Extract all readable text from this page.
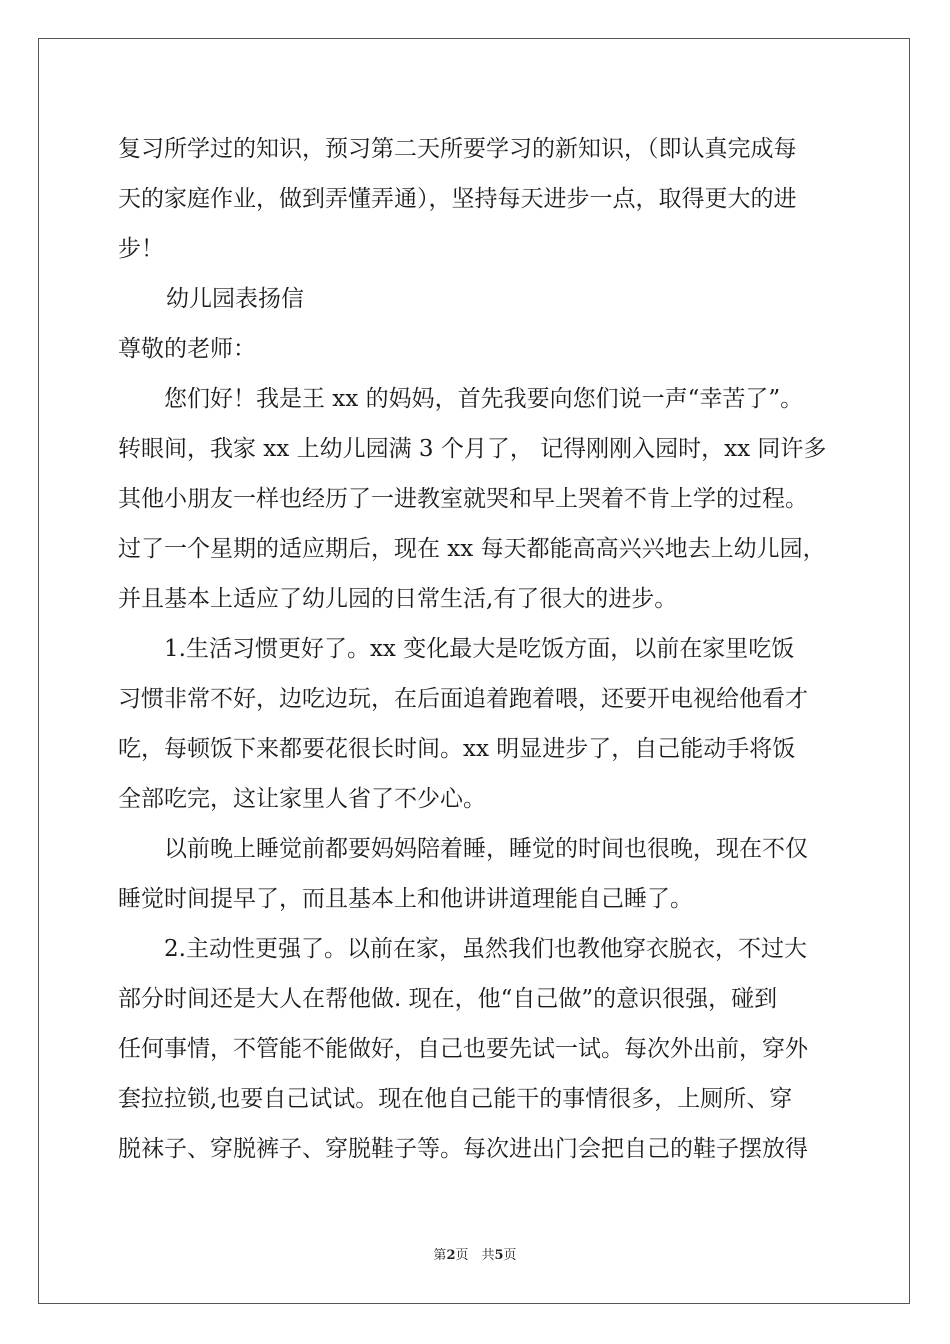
复习所学过的知识，预习第二天所要学习的新知识，（即认真完成每
天的家庭作业，做到弄懂弄通），坚持每天进步一点，取得更大的进
步！
幼儿园表扬信
尊敬的老师：
您们好！我是王 xx 的妈妈，首先我要向您们说一声“幸苦了”。
转眼间，我家 xx 上幼儿园满 3 个月了， 记得刚刚入园时，xx 同许多
其他小朋友一样也经历了一进教室就哭和早上哭着不肯上学的过程。
过了一个星期的适应期后，现在 xx 每天都能高高兴兴地去上幼儿园，
并且基本上适应了幼儿园的日常生活,有了很大的进步。
1.生活习惯更好了。xx 变化最大是吃饭方面，以前在家里吃饭
习惯非常不好，边吃边玩，在后面追着跑着喂，还要开电视给他看才
吃，每顿饭下来都要花很长时间。xx 明显进步了，自己能动手将饭
全部吃完，这让家里人省了不少心。
以前晚上睡觉前都要妈妈陪着睡，睡觉的时间也很晚，现在不仅
睡觉时间提早了，而且基本上和他讲讲道理能自己睡了。
2.主动性更强了。以前在家，虽然我们也教他穿衣脱衣，不过大
部分时间还是大人在帮他做. 现在，他“自己做”的意识很强，碰到
任何事情，不管能不能做好，自己也要先试一试。每次外出前，穿外
套拉拉锁,也要自己试试。现在他自己能干的事情很多，上厕所、穿
脱袜子、穿脱裤子、穿脱鞋子等。每次进出门会把自己的鞋子摆放得
第2页　共5页
